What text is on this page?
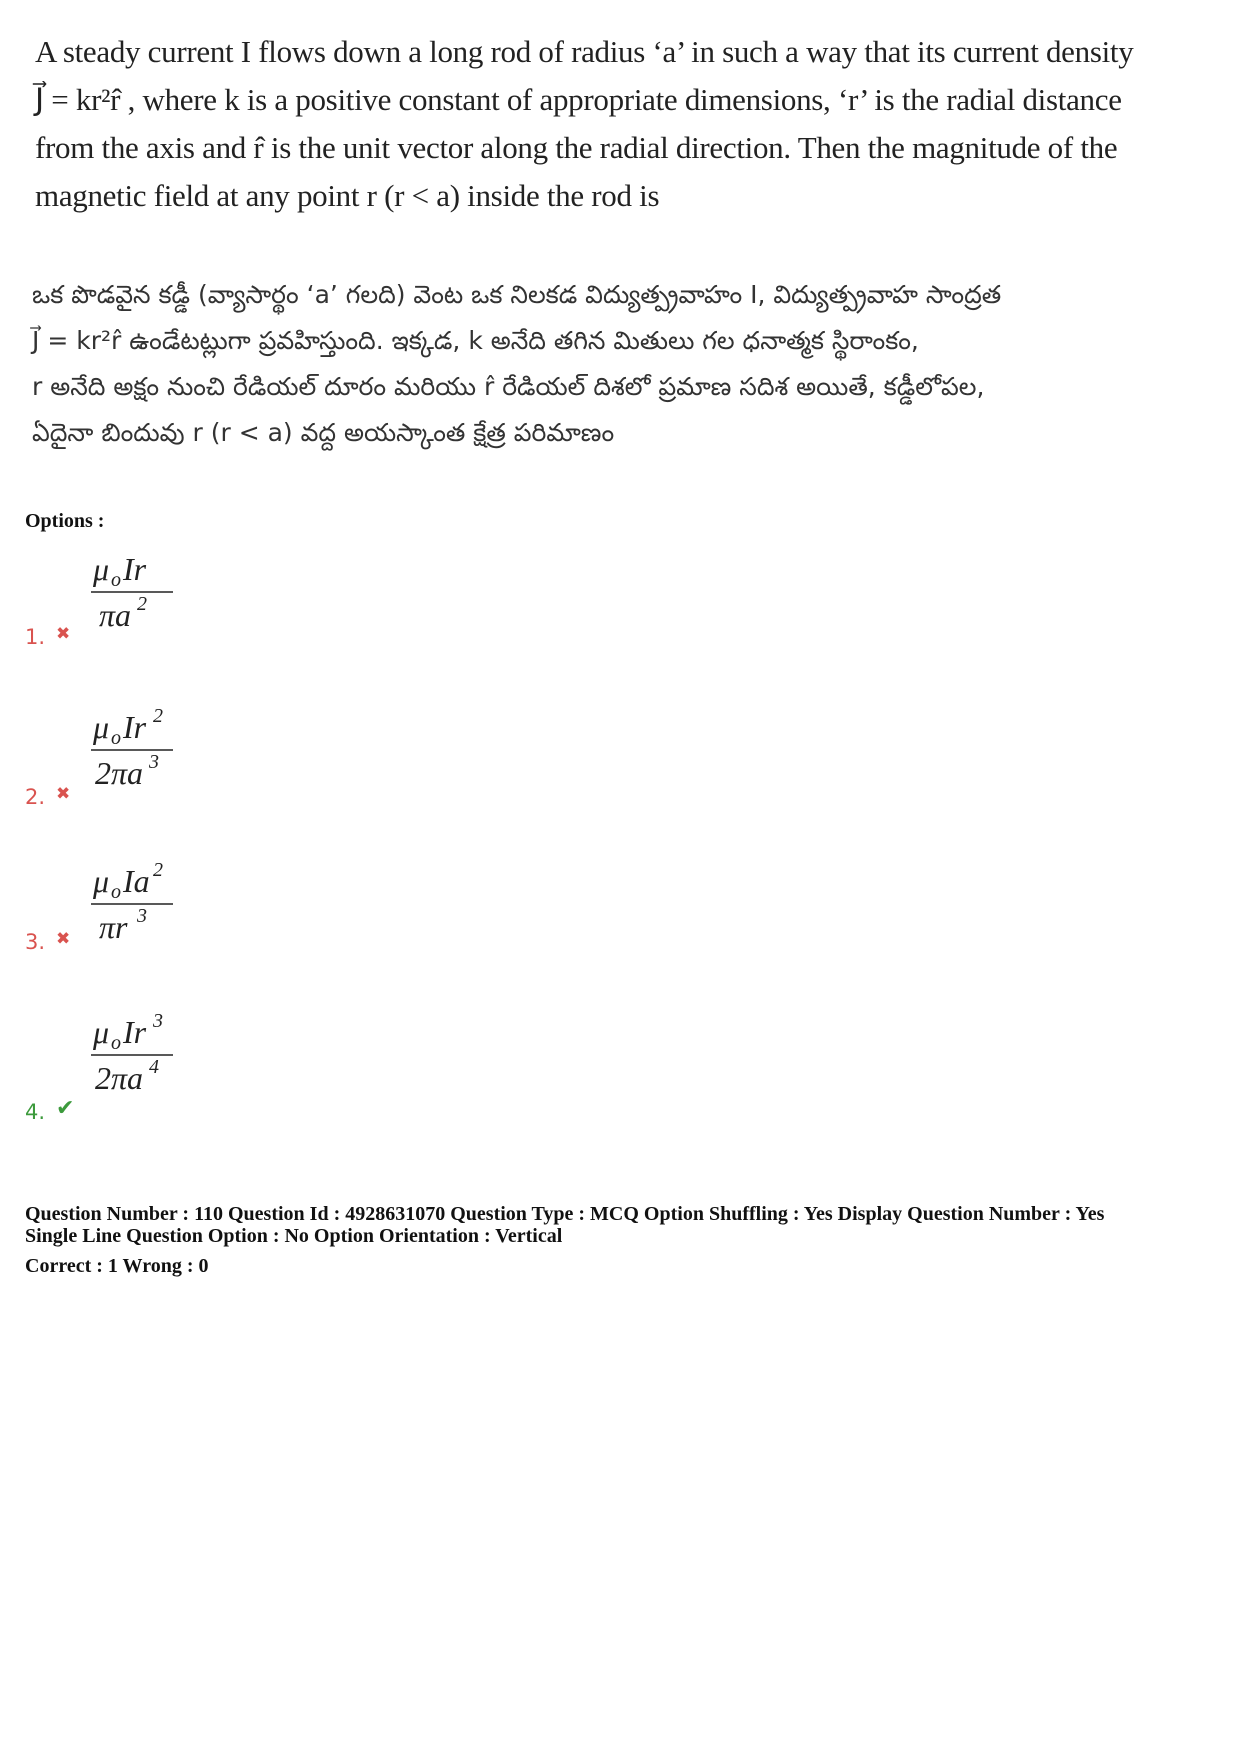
A steady current I flows down a long rod of radius ‘a’ in such a way that its current density
J⃗ = kr²r̂ , where k is a positive constant of appropriate dimensions, ‘r’ is the radial distance
from the axis and r̂ is the unit vector along the radial direction. Then the magnitude of the
magnetic field at any point r (r < a) inside the rod is
ఒక పొడవైన కడ్డీ (వ్యాసార్థం ‘a’ గలది) వెంట ఒక నిలకడ విద్యుత్ప్రవాహం I, విద్యుత్ప్రవాహ సాంద్రత
J⃗ = kr²r̂ ఉండేటట్లుగా ప్రవహిస్తుంది. ఇక్కడ, k అనేది తగిన మితులు గల ధనాత్మక స్థిరాంకం,
r అనేది అక్షం నుంచి రేడియల్ దూరం మరియు r̂ రేడియల్ దిశలో ప్రమాణ సదిశ అయితే, కడ్డీలోపల,
ఏదైనా బిందువు r (r < a) వద్ద అయస్కాంత క్షేత్ర పరిమాణం
Options :
1. ✖
μ o Ir
πa 2
2. ✖
μ o Ir 2
2πa 3
3. ✖
μ o Ia 2
πr 3
4. ✔
μ o Ir 3
2πa 4
Question Number : 110 Question Id : 4928631070 Question Type : MCQ Option Shuffling : Yes Display Question Number : Yes
Single Line Question Option : No Option Orientation : Vertical
Correct : 1 Wrong : 0
